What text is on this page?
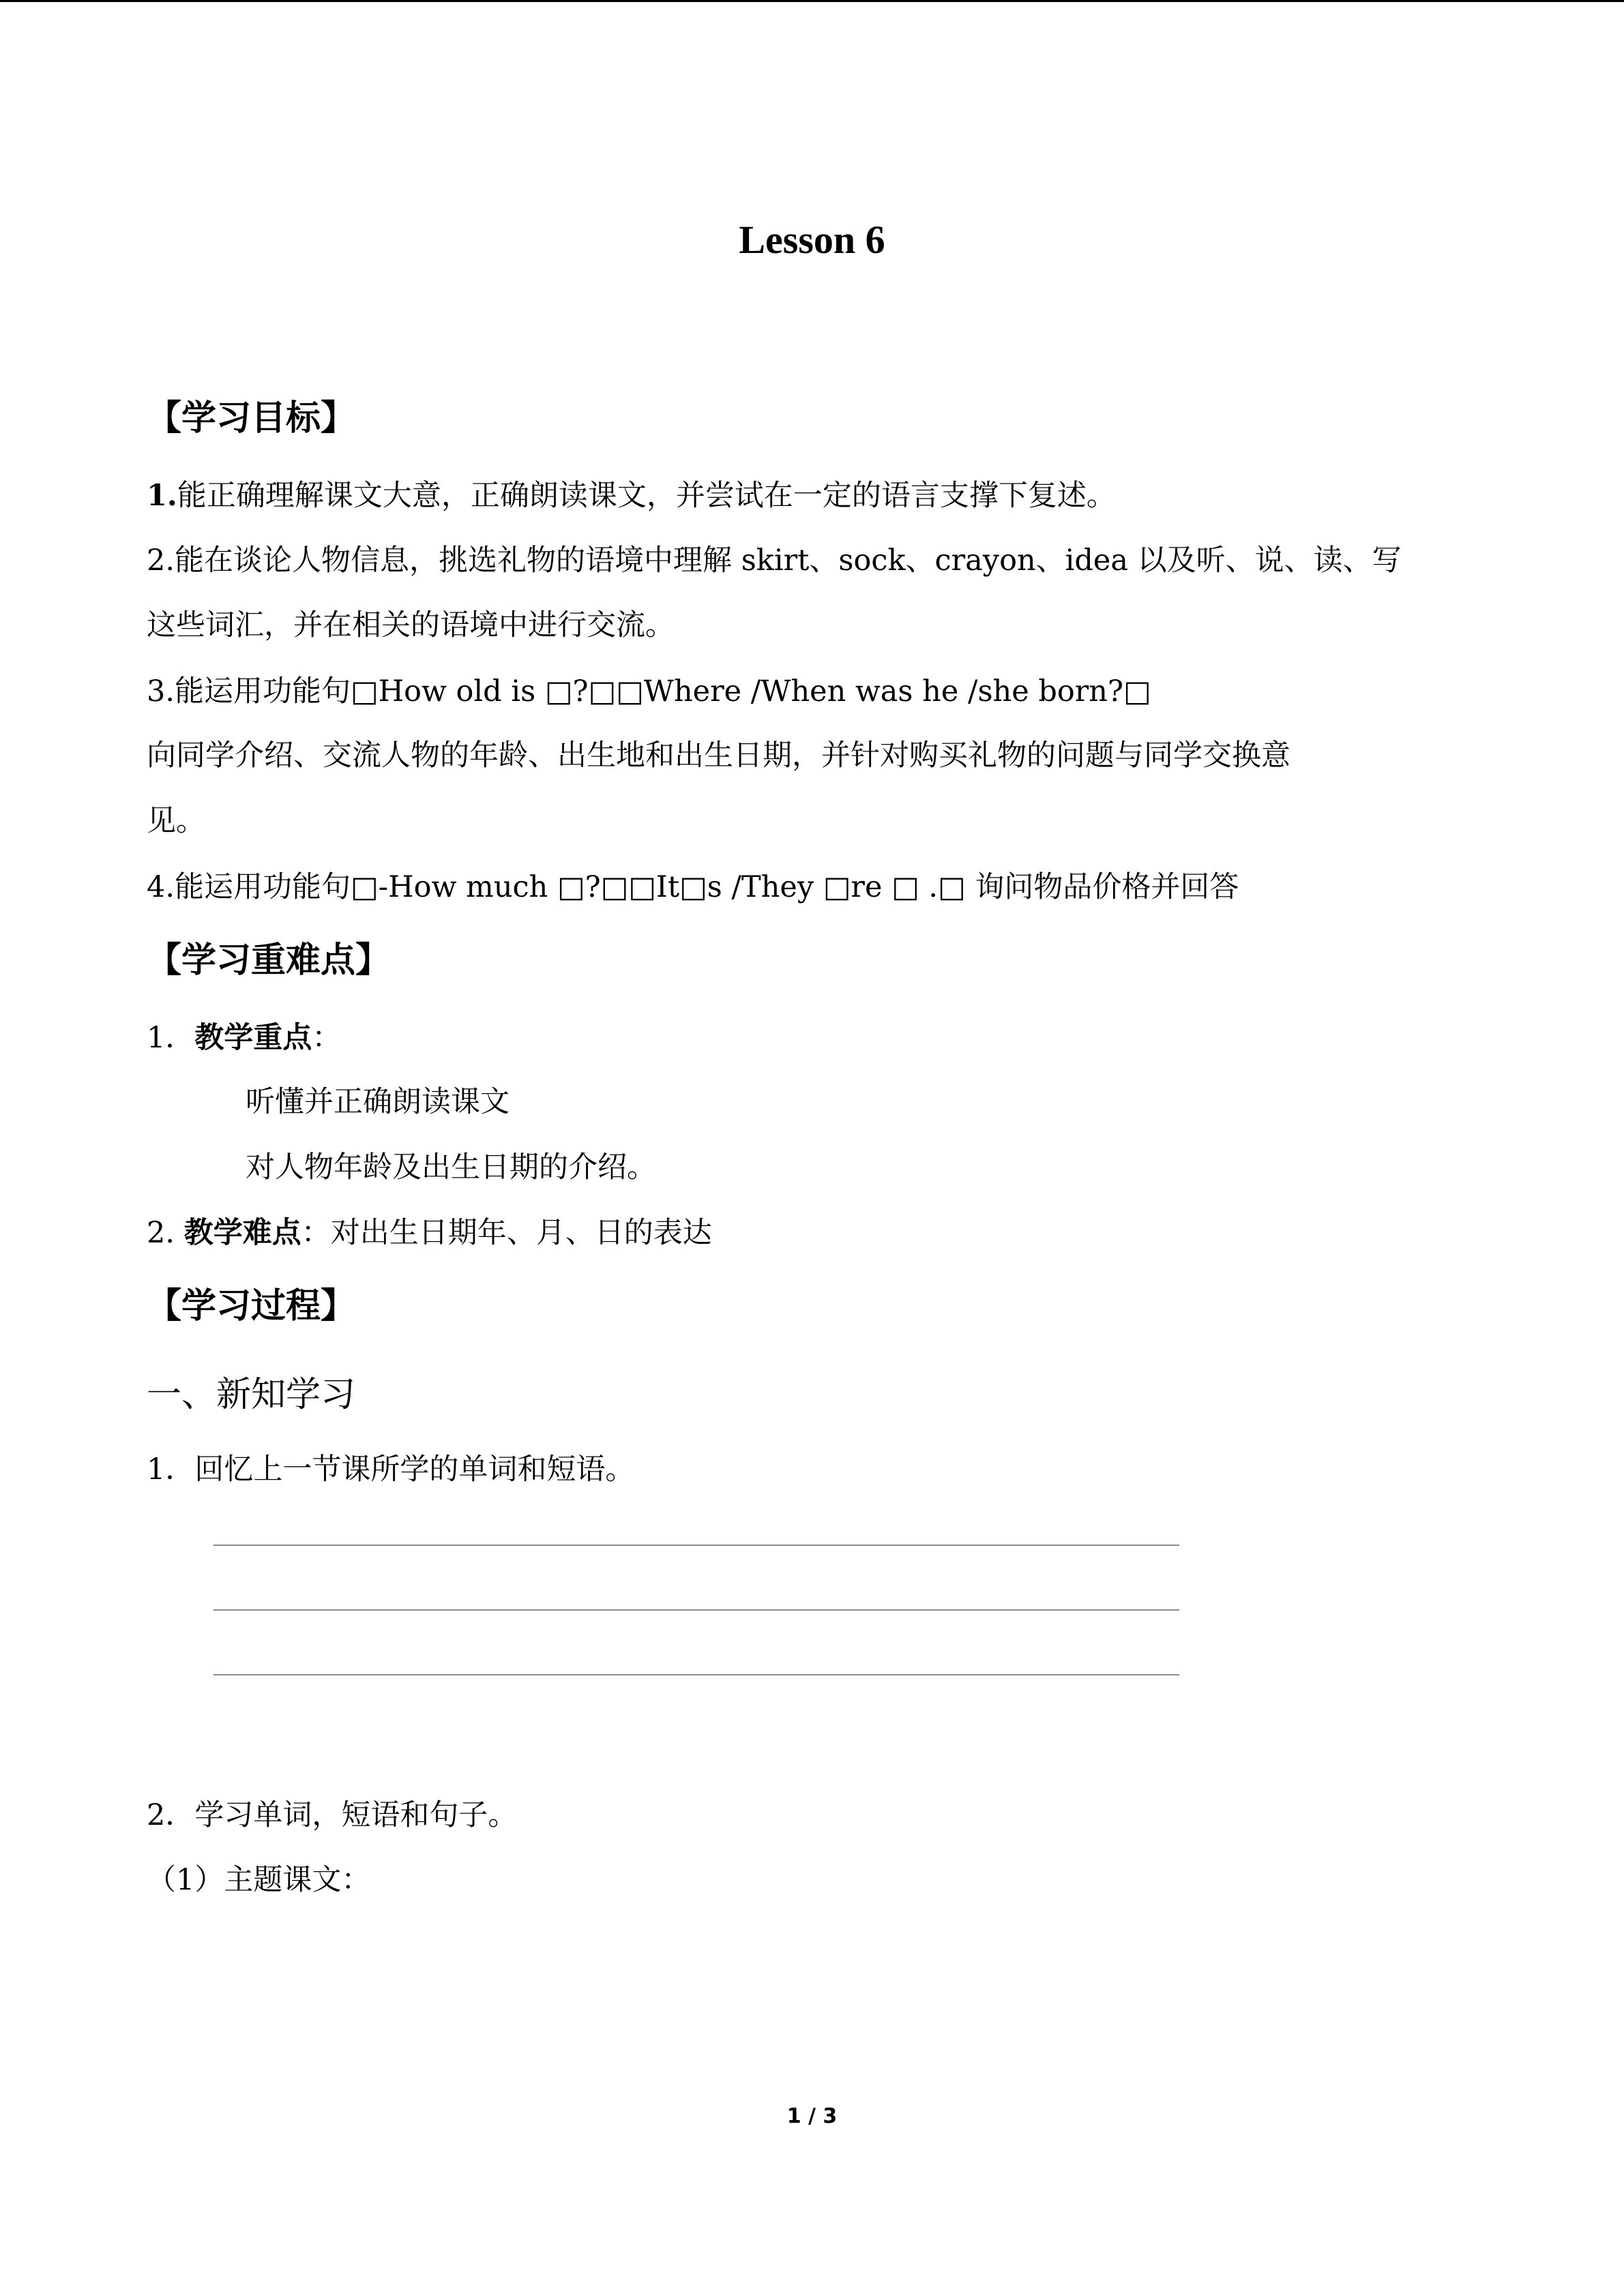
Lesson 6
【学习目标】
1.能正确理解课文大意，正确朗读课文，并尝试在一定的语言支撑下复述。
2.能在谈论人物信息，挑选礼物的语境中理解 skirt、sock、crayon、idea 以及听、说、读、写
这些词汇，并在相关的语境中进行交流。
3.能运用功能句□How old is □?□□Where /When was he /she born?□
向同学介绍、交流人物的年龄、出生地和出生日期，并针对购买礼物的问题与同学交换意
见。
4.能运用功能句□-How much □?□□It□s /They □re □ .□ 询问物品价格并回答
【学习重难点】
1．教学重点：
听懂并正确朗读课文
对人物年龄及出生日期的介绍。
2. 教学难点：对出生日期年、月、日的表达
【学习过程】
一、新知学习
1．回忆上一节课所学的单词和短语。
2．学习单词，短语和句子。
（1）主题课文：
1 / 3
